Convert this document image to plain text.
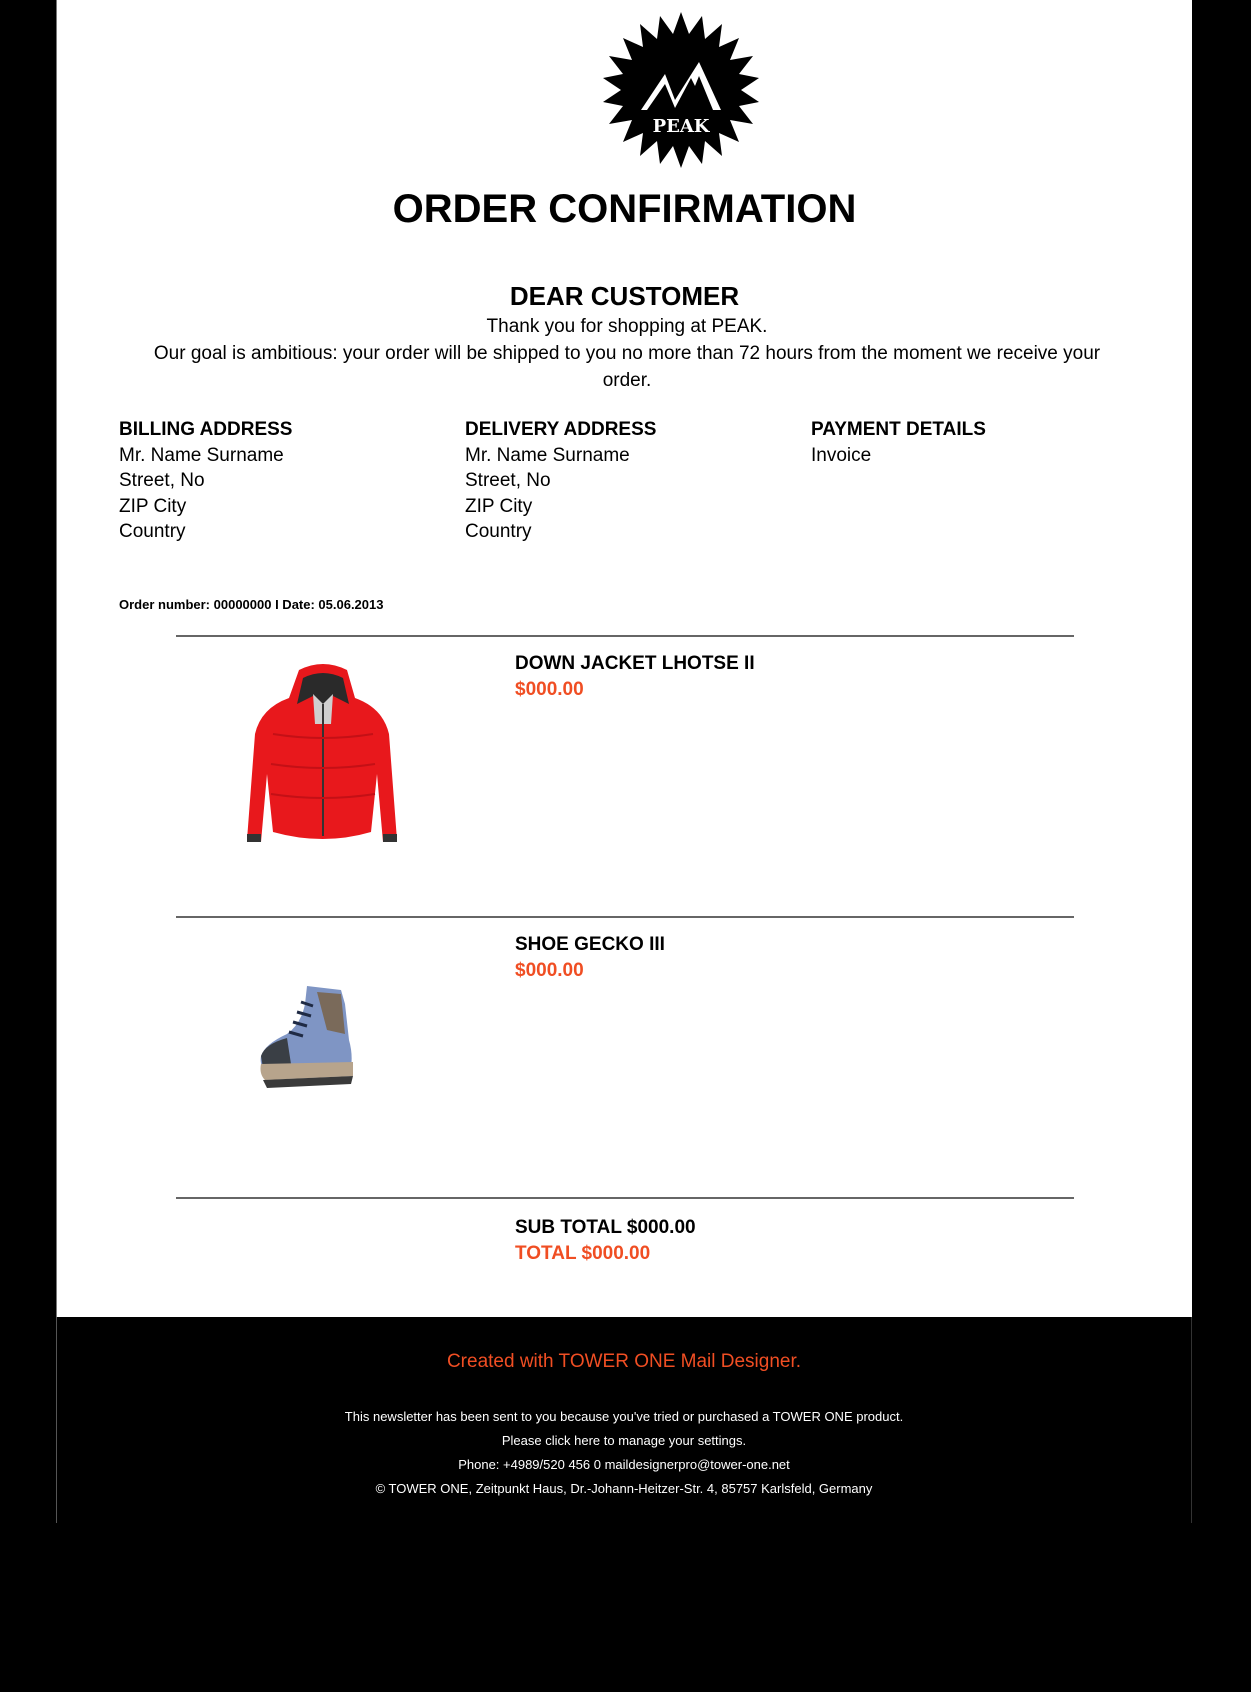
PEAK
ORDER CONFIRMATION
DEAR CUSTOMER
Thank you for shopping at PEAK.
Our goal is ambitious: your order will be shipped to you no more than 72 hours from the moment we receive your order.
BILLING ADDRESS
Mr. Name Surname
Street, No
ZIP City
Country
DELIVERY ADDRESS
Mr. Name Surname
Street, No
ZIP City
Country
PAYMENT DETAILS
Invoice
Order number: 00000000 I Date: 05.06.2013
DOWN JACKET LHOTSE II
$000.00
SHOE GECKO III
$000.00
SUB TOTAL $000.00
TOTAL $000.00
Created with TOWER ONE Mail Designer.
This newsletter has been sent to you because you've tried or purchased a TOWER ONE product.
Please click here to manage your settings.
Phone: +4989/520 456 0 maildesignerpro@tower-one.net
© TOWER ONE, Zeitpunkt Haus, Dr.-Johann-Heitzer-Str. 4, 85757 Karlsfeld, Germany
